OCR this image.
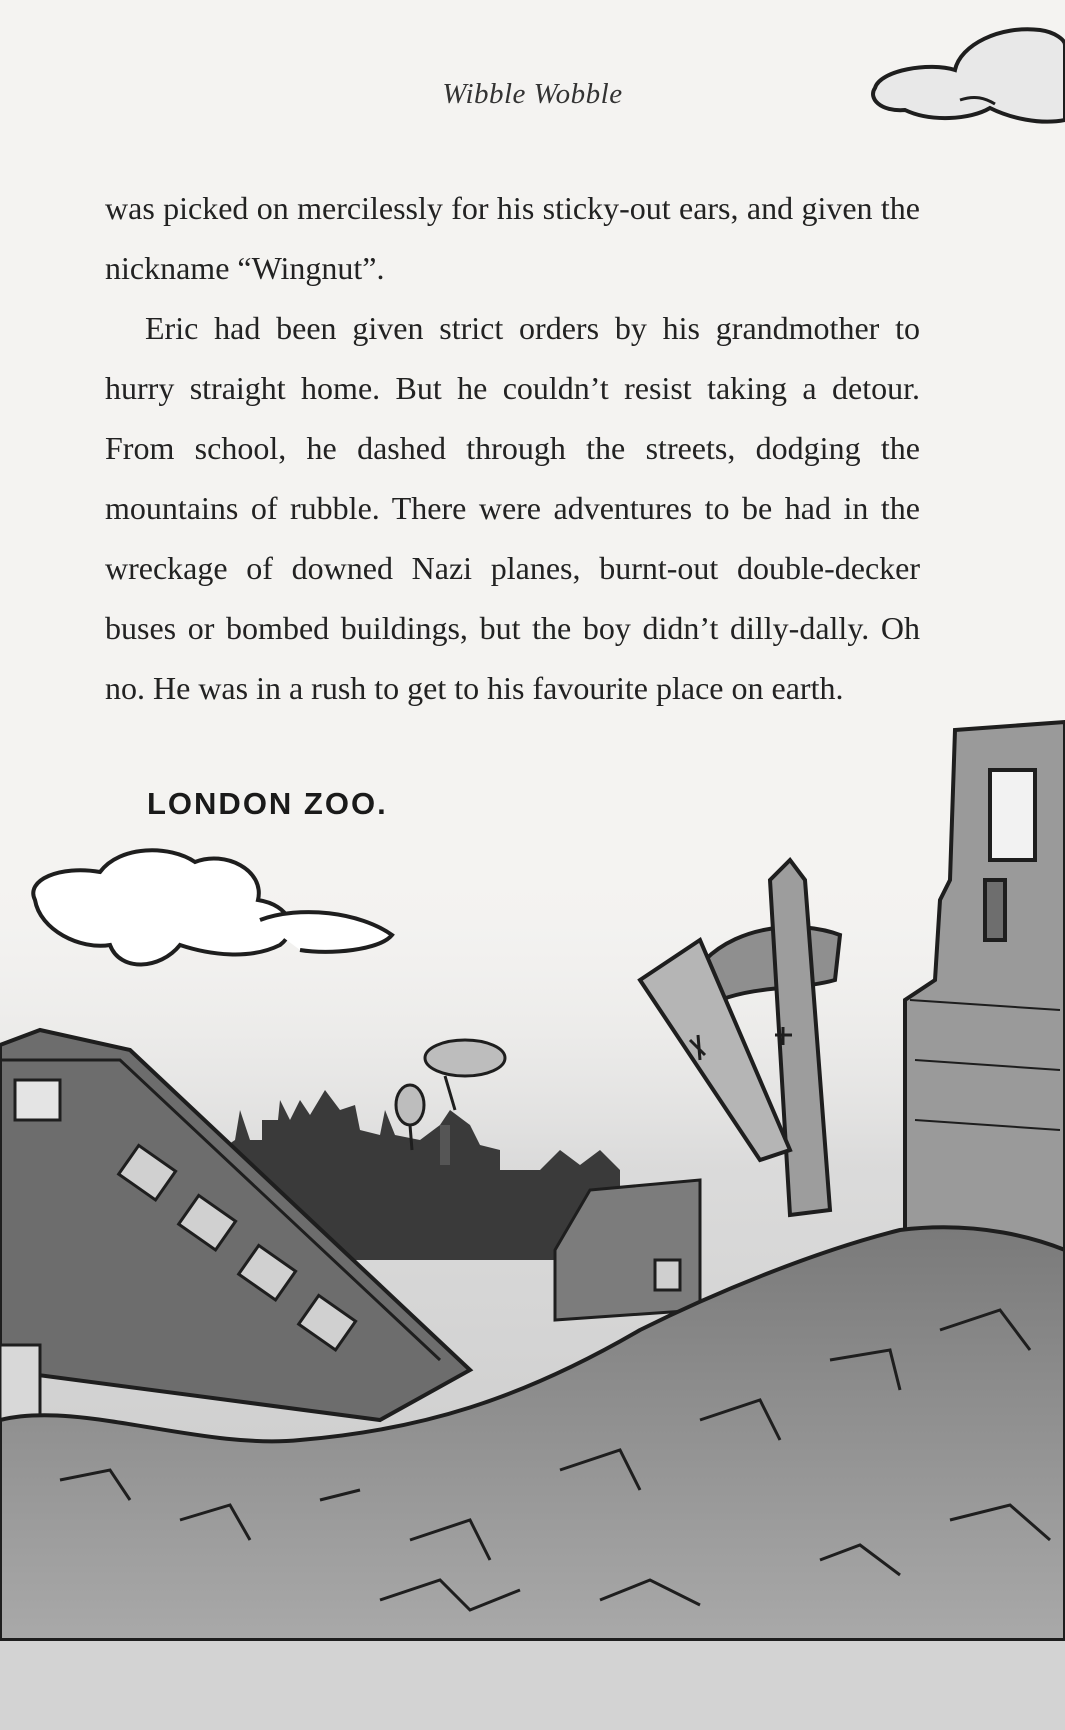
Wibble Wobble

was picked on mercilessly for his sticky-out ears, and given the nickname “Wingnut”.

Eric had been given strict orders by his grandmother to hurry straight home. But he couldn’t resist taking a detour. From school, he dashed through the streets, dodging the mountains of rubble. There were adventures to be had in the wreckage of downed Nazi planes, burnt-out double-decker buses or bombed buildings, but the boy didn’t dilly-dally. Oh no. He was in a rush to get to his favourite place on earth.

LONDON ZOO.
